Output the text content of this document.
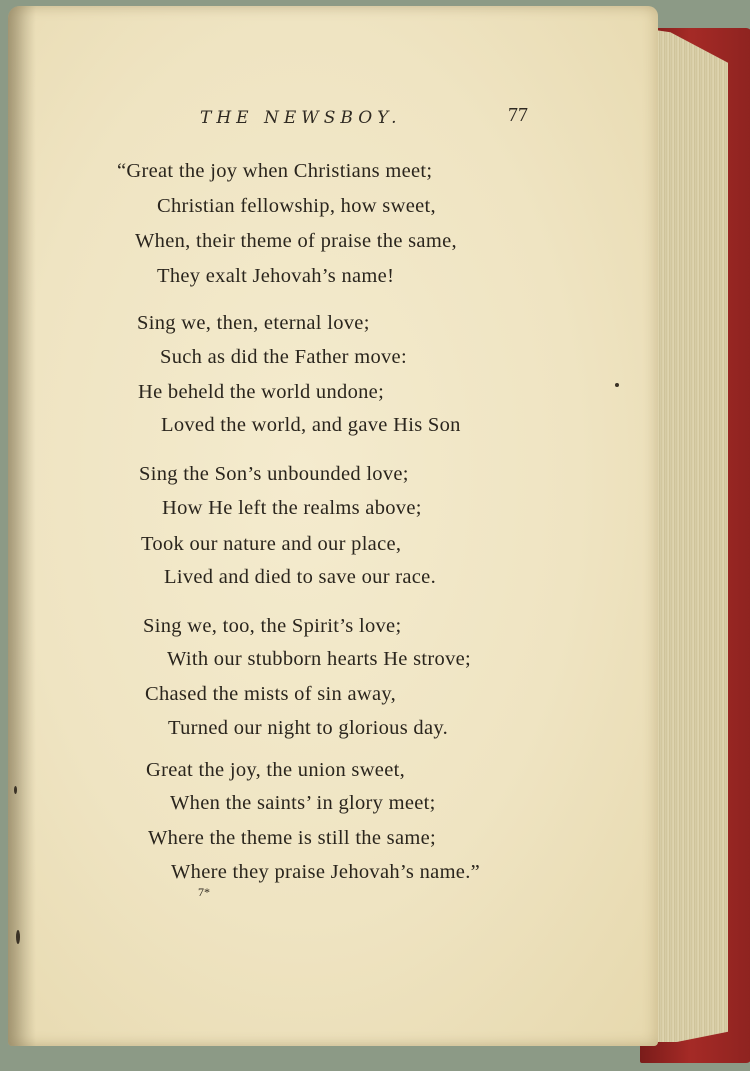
THE NEWSBOY.	77
“Great the joy when Christians meet;
Christian fellowship, how sweet,
When, their theme of praise the same,
They exalt Jehovah’s name!
Sing we, then, eternal love;
Such as did the Father move:
He beheld the world undone;
Loved the world, and gave His Son
Sing the Son’s unbounded love;
How He left the realms above;
Took our nature and our place,
Lived and died to save our race.
Sing we, too, the Spirit’s love;
With our stubborn hearts He strove;
Chased the mists of sin away,
Turned our night to glorious day.
Great the joy, the union sweet,
When the saints’ in glory meet;
Where the theme is still the same;
Where they praise Jehovah’s name.”
7*
